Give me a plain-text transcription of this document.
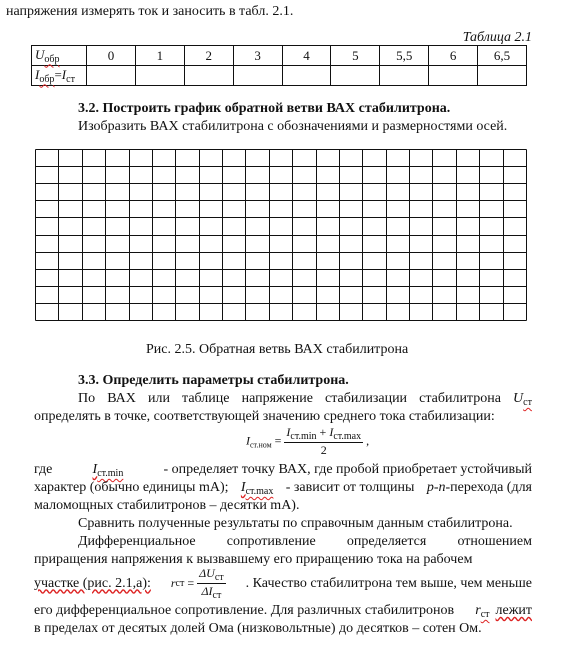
напряжения измерять ток и заносить в табл. 2.1.
Таблица 2.1
$U_{обр}$	0	1	2	3	4	5	5,5	6	6,5
$I_{обр}=I_{ст}$									
3.2. Построить график обратной ветви ВАХ стабилитрона.
Изобразить ВАХ стабилитрона с обозначениями и размерностями осей.
Рис. 2.5. Обратная ветвь ВАХ стабилитрона
3.3. Определить параметры стабилитрона.
По ВАХ или таблице напряжение стабилизации стабилитрона $U_{ст}$
определять в точке, соответствующей значению среднего тока стабилизации:
$I_{ст.ном} = \frac{I_{ст.min} + I_{ст.max}}{2}$ ,
где	$I_{ст.min}$	- определяет точку ВАХ, где пробой приобретает устойчивый
характер (обычно единицы mA); $I_{ст.max}$ - зависит от толщины p-n-перехода (для
маломощных стабилитронов – десятки mA).
Сравнить полученные результаты по справочным данным стабилитрона.
Дифференциальное сопротивление определяется отношением
приращения напряжения к вызвавшему его приращению тока на рабочем
участке (рис. 2.1,а): r ст = $\frac{\Delta U_{ст}}{\Delta I_{ст}}$ . Качество стабилитрона тем выше, чем меньше
его дифференциальное сопротивление. Для различных стабилитронов $r_{ст}$ лежит
в пределах от десятых долей Ома (низковольтные) до десятков – сотен Ом.
